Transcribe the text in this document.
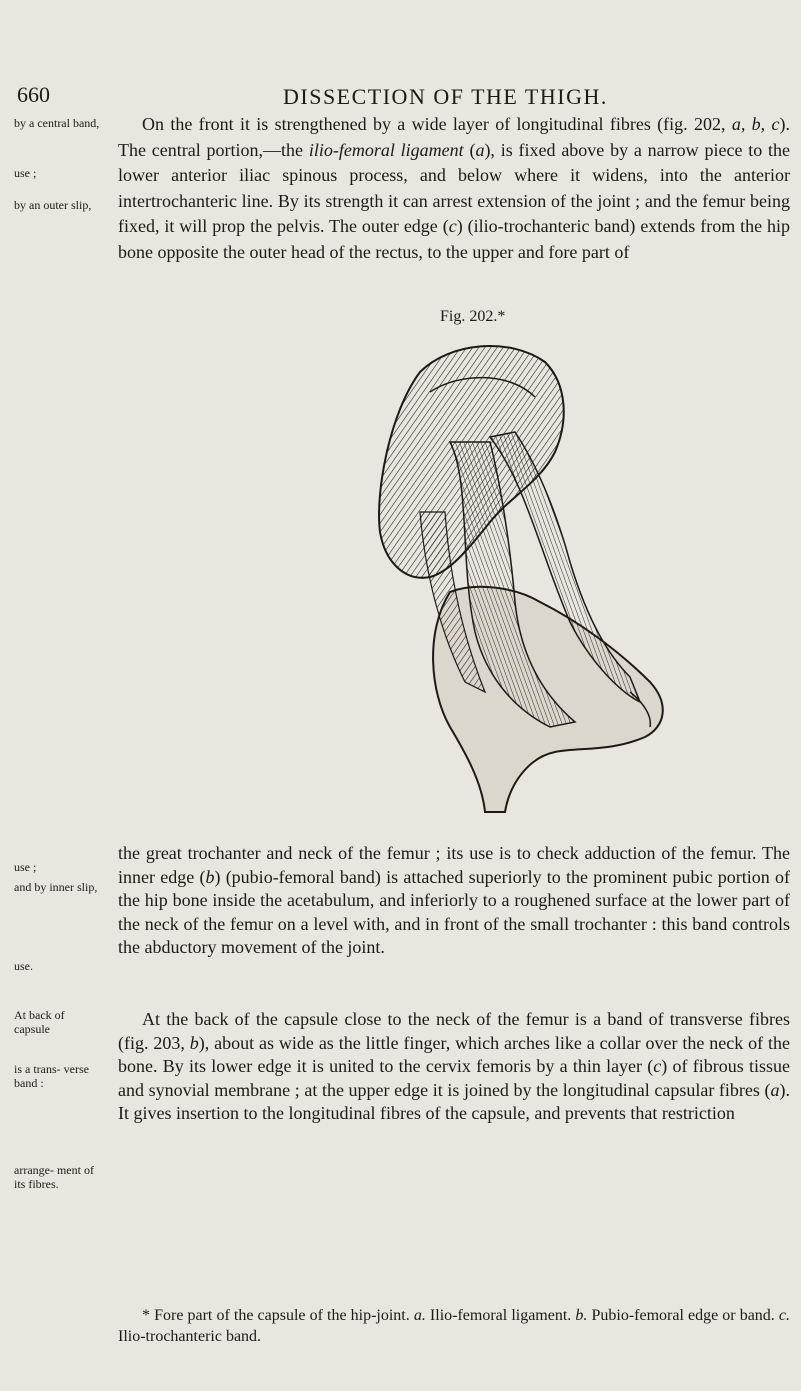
660	DISSECTION OF THE THIGH.
by a central band,
use ;
by an outer slip,
use ;
and by inner slip,
use.
At back of capsule
is a trans- verse band :
arrange- ment of its fibres.

On the front it is strengthened by a wide layer of longitudinal fibres (fig. 202, a, b, c). The central portion,—the ilio-femoral ligament (a), is fixed above by a narrow piece to the lower anterior iliac spinous process, and below where it widens, into the anterior intertrochanteric line. By its strength it can arrest extension of the joint ; and the femur being fixed, it will prop the pelvis. The outer edge (c) (ilio-trochanteric band) extends from the hip bone opposite the outer head of the rectus, to the upper and fore part of

Fig. 202.*

the great trochanter and neck of the femur ; its use is to check adduction of the femur. The inner edge (b) (pubio-femoral band) is attached superiorly to the prominent pubic portion of the hip bone inside the acetabulum, and inferiorly to a roughened surface at the lower part of the neck of the femur on a level with, and in front of the small trochanter : this band controls the abductory movement of the joint.

At the back of the capsule close to the neck of the femur is a band of transverse fibres (fig. 203, b), about as wide as the little finger, which arches like a collar over the neck of the bone. By its lower edge it is united to the cervix femoris by a thin layer (c) of fibrous tissue and synovial membrane ; at the upper edge it is joined by the longitudinal capsular fibres (a). It gives insertion to the longitudinal fibres of the capsule, and prevents that restriction

* Fore part of the capsule of the hip-joint. a. Ilio-femoral ligament. b. Pubio-femoral edge or band. c. Ilio-trochanteric band.
